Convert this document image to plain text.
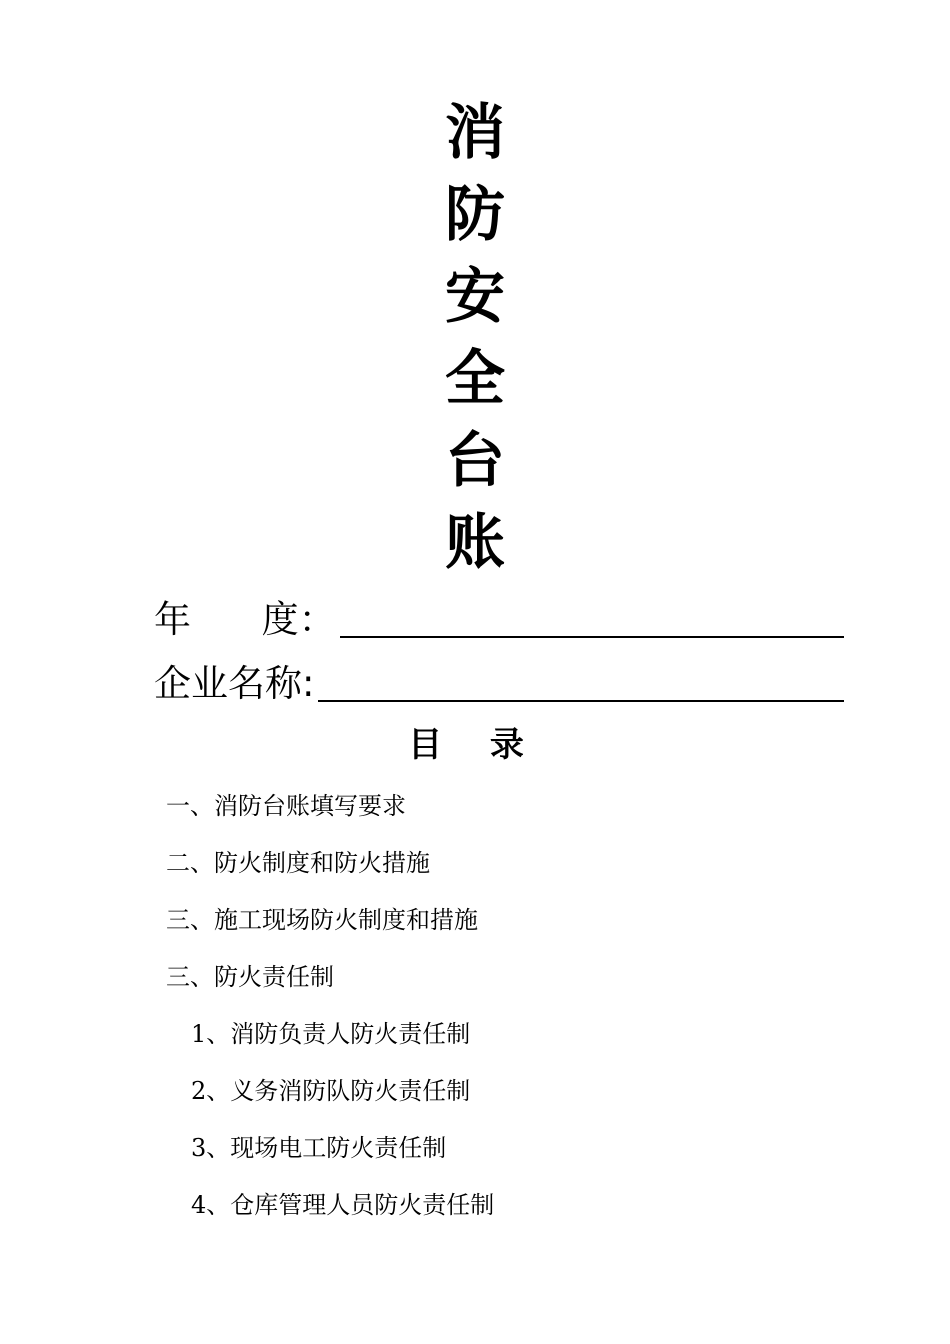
消
防
安
全
台
账
年      度：
企业名称:
目 录
一、消防台账填写要求
二、防火制度和防火措施
三、施工现场防火制度和措施
三、防火责任制
1、消防负责人防火责任制
2、义务消防队防火责任制
3、现场电工防火责任制
4、仓库管理人员防火责任制
